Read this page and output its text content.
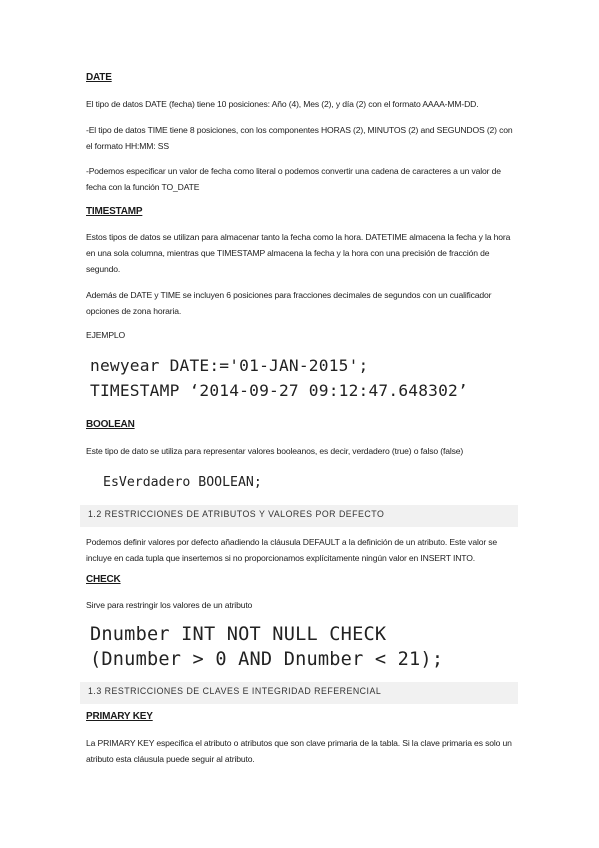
DATE
El tipo de datos DATE (fecha) tiene 10 posiciones: Año (4), Mes (2), y día (2) con el formato AAAA-MM-DD.
-El tipo de datos TIME tiene 8 posiciones, con los componentes HORAS (2), MINUTOS (2) and SEGUNDOS (2) con el formato HH:MM: SS
-Podemos especificar un valor de fecha como literal o podemos convertir una cadena de caracteres a un valor de fecha con la función TO_DATE
TIMESTAMP
Estos tipos de datos se utilizan para almacenar tanto la fecha como la hora. DATETIME almacena la fecha y la hora en una sola columna, mientras que TIMESTAMP almacena la fecha y la hora con una precisión de fracción de segundo.
Además de DATE y TIME se incluyen 6 posiciones para fracciones decimales de segundos con un cualificador opciones de zona horaria.
EJEMPLO
newyear DATE:='01-JAN-2015';
TIMESTAMP ‘2014-09-27 09:12:47.648302’
BOOLEAN
Este tipo de dato se utiliza para representar valores booleanos, es decir, verdadero (true) o falso (false)
EsVerdadero BOOLEAN;
1.2 RESTRICCIONES DE ATRIBUTOS Y VALORES POR DEFECTO
Podemos definir valores por defecto añadiendo la cláusula DEFAULT a la definición de un atributo. Este valor se incluye en cada tupla que insertemos si no proporcionamos explícitamente ningún valor en INSERT INTO.
CHECK
Sirve para restringir los valores de un atributo
Dnumber INT NOT NULL CHECK
(Dnumber > 0 AND Dnumber < 21);
1.3 RESTRICCIONES DE CLAVES E INTEGRIDAD REFERENCIAL
PRIMARY KEY
La PRIMARY KEY especifica el atributo o atributos que son clave primaria de la tabla. Si la clave primaria es solo un atributo esta cláusula puede seguir al atributo.
